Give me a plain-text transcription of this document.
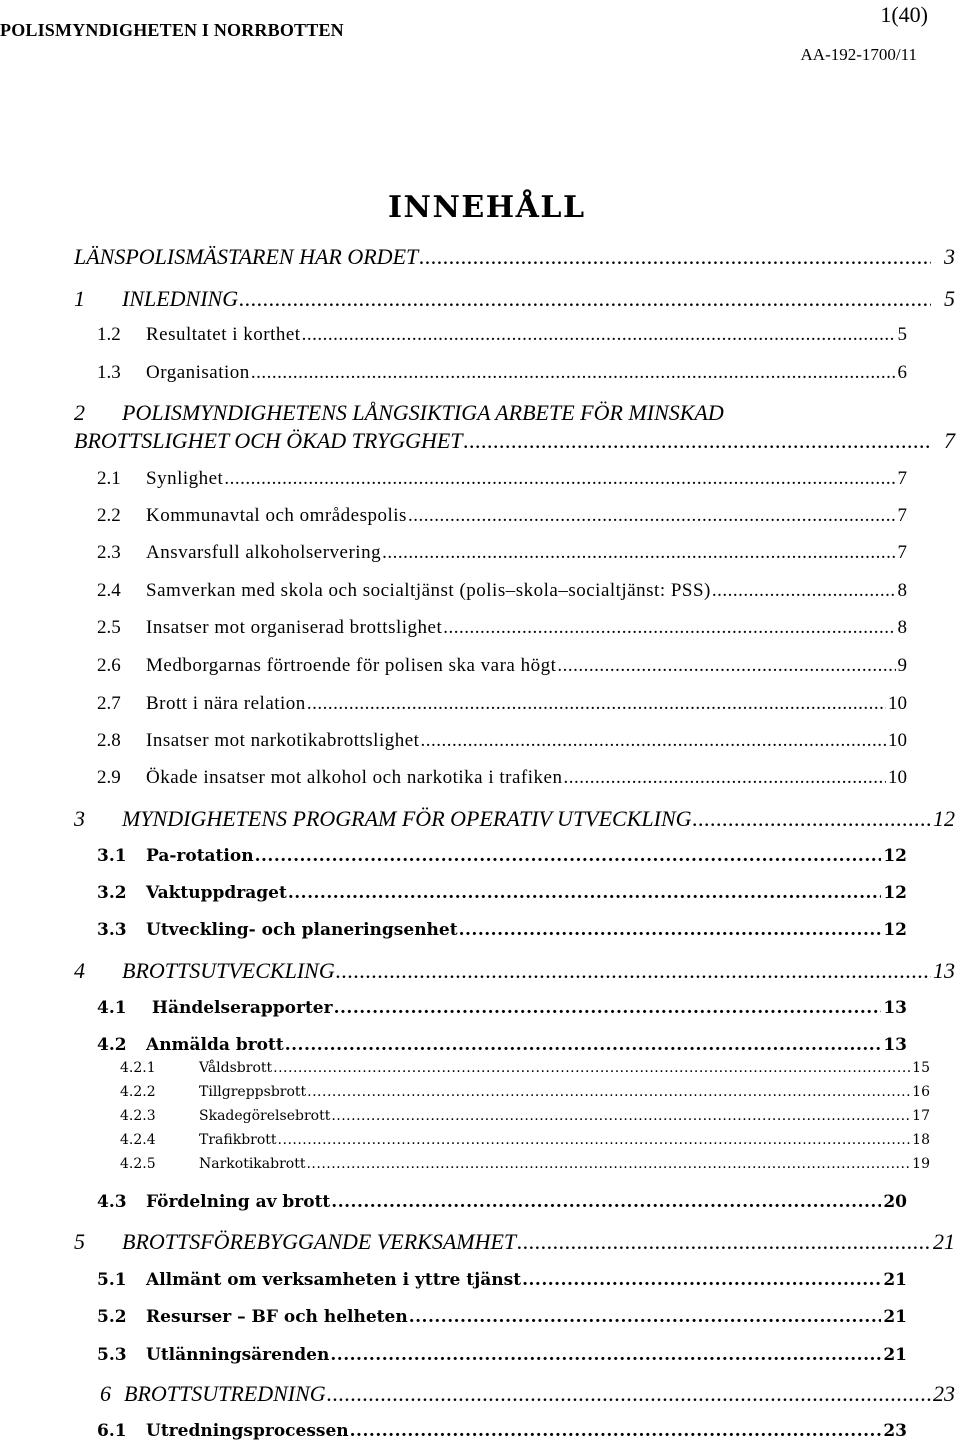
POLISMYNDIGHETEN I NORRBOTTEN
1(40)
AA-192-1700/11
INNEHÅLL
LÄNSPOLISMÄSTAREN HAR ORDET .....	3
1	INLEDNING .....	5
1.2	Resultatet i korthet .....	5
1.3	Organisation .....	6
2 POLISMYNDIGHETENS LÅNGSIKTIGA ARBETE FÖR MINSKAD
BROTTSLIGHET OCH ÖKAD TRYGGHET .....	7
2.1	Synlighet .....	7
2.2	Kommunavtal och områdespolis .....	7
2.3	Ansvarsfull alkoholservering .....	7
2.4	Samverkan med skola och socialtjänst (polis–skola–socialtjänst: PSS) .....	8
2.5	Insatser mot organiserad brottslighet .....	8
2.6	Medborgarnas förtroende för polisen ska vara högt .....	9
2.7	Brott i nära relation .....	10
2.8	Insatser mot narkotikabrottslighet .....	10
2.9	Ökade insatser mot alkohol och narkotika i trafiken .....	10
3	MYNDIGHETENS PROGRAM FÖR OPERATIV UTVECKLING .....	12
3.1	Pa-rotation .....	12
3.2	Vaktuppdraget .....	12
3.3	Utveckling- och planeringsenhet .....	12
4	BROTTSUTVECKLING .....	13
4.1	Händelserapporter .....	13
4.2	Anmälda brott .....	13
4.2.1	Våldsbrott .....	15
4.2.2	Tillgreppsbrott .....	16
4.2.3	Skadegörelsebrott .....	17
4.2.4	Trafikbrott .....	18
4.2.5	Narkotikabrott .....	19
4.3	Fördelning av brott .....	20
5	BROTTSFÖREBYGGANDE VERKSAMHET .....	21
5.1	Allmänt om verksamheten i yttre tjänst .....	21
5.2	Resurser – BF och helheten .....	21
5.3	Utlänningsärenden .....	21
6 BROTTSUTREDNING .....	23
6.1	Utredningsprocessen .....	23
